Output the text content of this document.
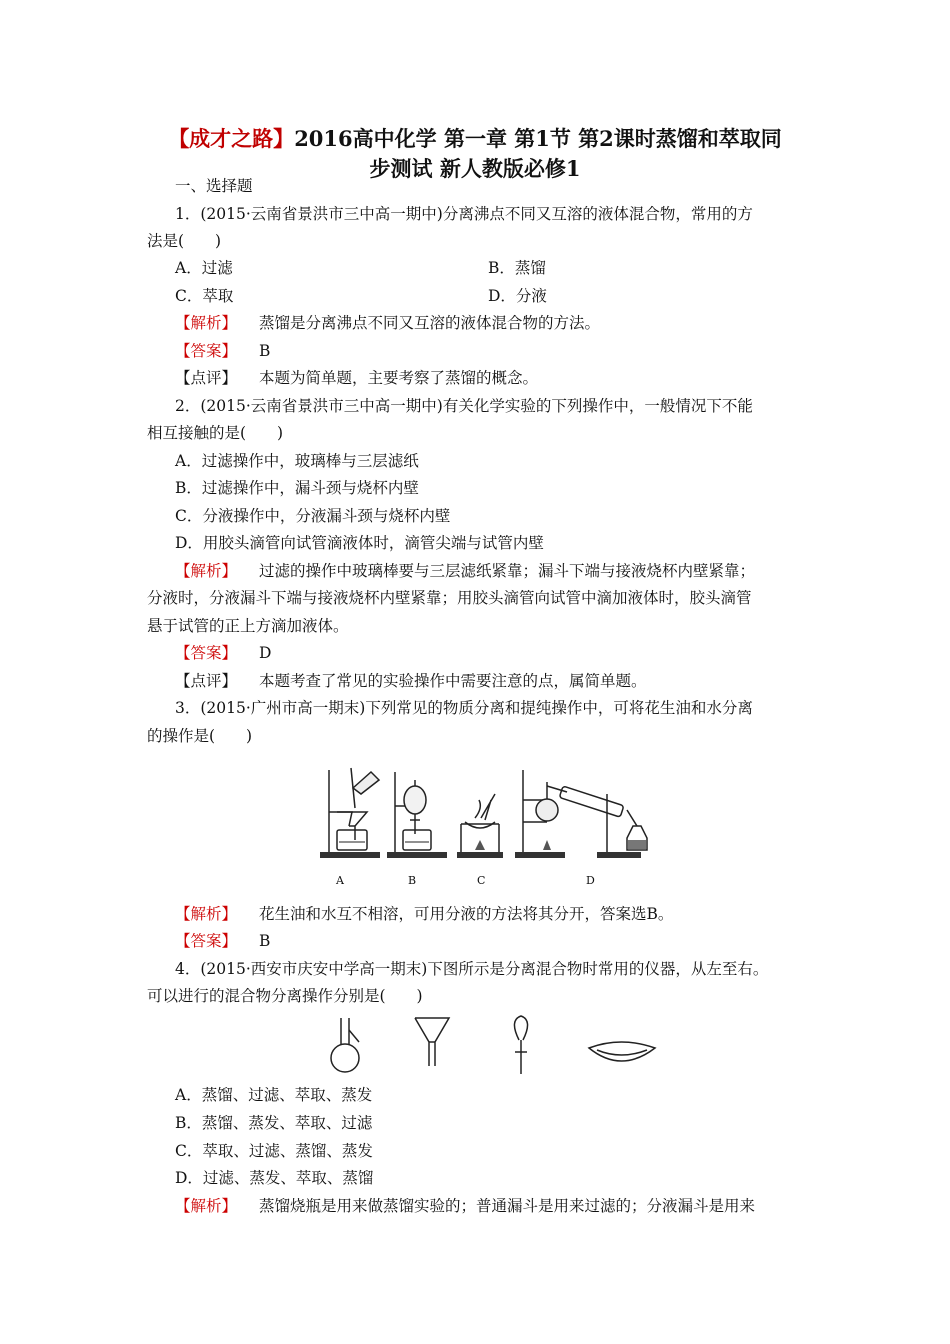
【成才之路】2016高中化学 第一章 第1节 第2课时蒸馏和萃取同
步测试 新人教版必修1
一、选择题
1．(2015·云南省景洪市三中高一期中)分离沸点不同又互溶的液体混合物，常用的方
法是(　　)
A．过滤	B．蒸馏
C．萃取	D．分液
【解析】 蒸馏是分离沸点不同又互溶的液体混合物的方法。
【答案】 B
【点评】 本题为简单题，主要考察了蒸馏的概念。
2．(2015·云南省景洪市三中高一期中)有关化学实验的下列操作中，一般情况下不能
相互接触的是(　　)
A．过滤操作中，玻璃棒与三层滤纸
B．过滤操作中，漏斗颈与烧杯内壁
C．分液操作中，分液漏斗颈与烧杯内壁
D．用胶头滴管向试管滴液体时，滴管尖端与试管内壁
【解析】 过滤的操作中玻璃棒要与三层滤纸紧靠；漏斗下端与接液烧杯内壁紧靠；
分液时，分液漏斗下端与接液烧杯内壁紧靠；用胶头滴管向试管中滴加液体时，胶头滴管
悬于试管的正上方滴加液体。
【答案】 D
【点评】 本题考查了常见的实验操作中需要注意的点，属简单题。
3．(2015·广州市高一期末)下列常见的物质分离和提纯操作中，可将花生油和水分离
的操作是(　　)
A	B	C	D
【解析】 花生油和水互不相溶，可用分液的方法将其分开，答案选B。
【答案】 B
4．(2015·西安市庆安中学高一期末)下图所示是分离混合物时常用的仪器，从左至右。
可以进行的混合物分离操作分别是(　　)
A．蒸馏、过滤、萃取、蒸发
B．蒸馏、蒸发、萃取、过滤
C．萃取、过滤、蒸馏、蒸发
D．过滤、蒸发、萃取、蒸馏
【解析】 蒸馏烧瓶是用来做蒸馏实验的；普通漏斗是用来过滤的；分液漏斗是用来
